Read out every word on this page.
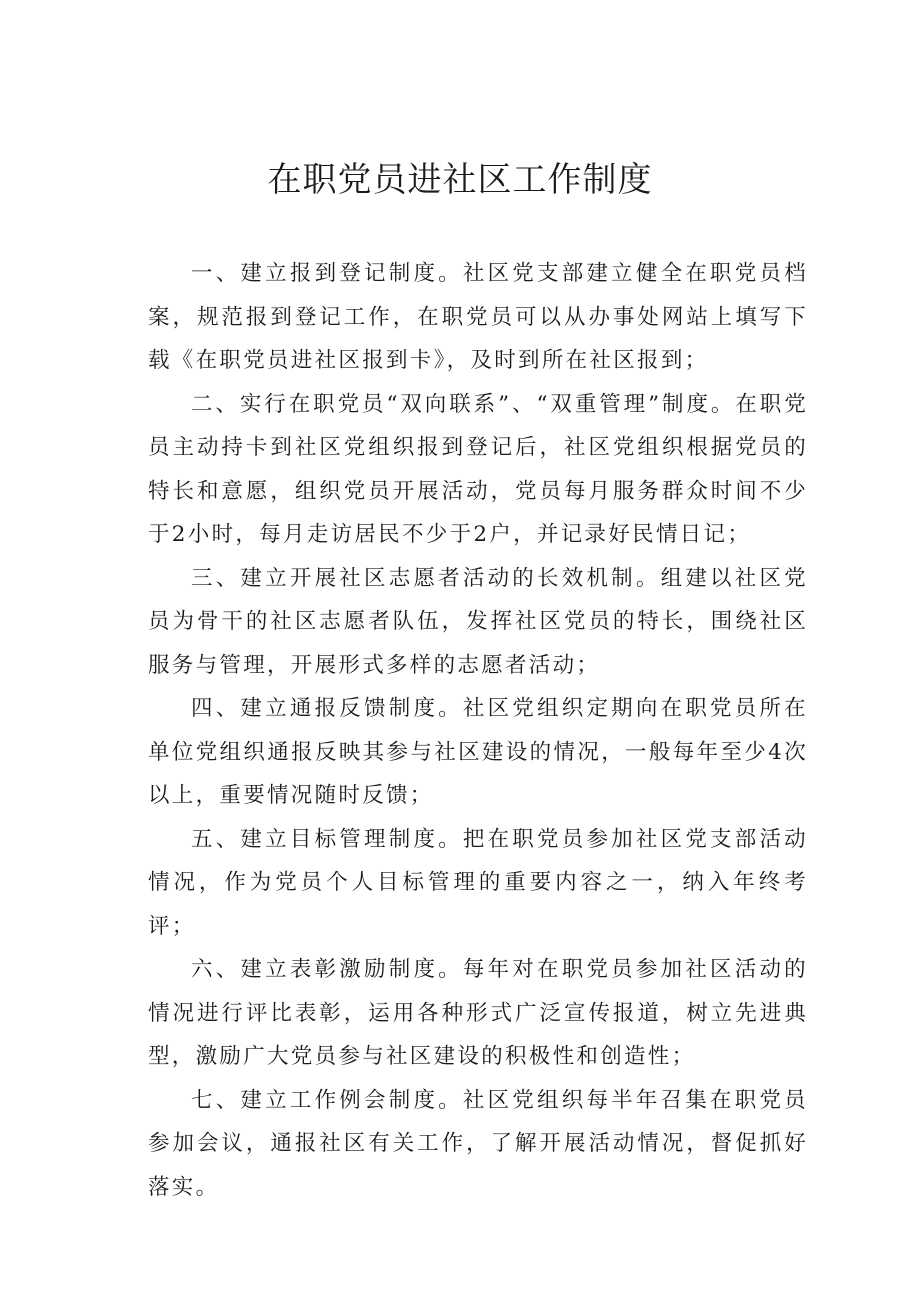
在职党员进社区工作制度

一、建立报到登记制度。社区党支部建立健全在职党员档案，规范报到登记工作，在职党员可以从办事处网站上填写下载《在职党员进社区报到卡》，及时到所在社区报到；

二、实行在职党员“双向联系”、“双重管理”制度。在职党员主动持卡到社区党组织报到登记后，社区党组织根据党员的特长和意愿，组织党员开展活动，党员每月服务群众时间不少于2小时，每月走访居民不少于2户，并记录好民情日记；

三、建立开展社区志愿者活动的长效机制。组建以社区党员为骨干的社区志愿者队伍，发挥社区党员的特长，围绕社区服务与管理，开展形式多样的志愿者活动；

四、建立通报反馈制度。社区党组织定期向在职党员所在单位党组织通报反映其参与社区建设的情况，一般每年至少4次以上，重要情况随时反馈；

五、建立目标管理制度。把在职党员参加社区党支部活动情况，作为党员个人目标管理的重要内容之一，纳入年终考评；

六、建立表彰激励制度。每年对在职党员参加社区活动的情况进行评比表彰，运用各种形式广泛宣传报道，树立先进典型，激励广大党员参与社区建设的积极性和创造性；

七、建立工作例会制度。社区党组织每半年召集在职党员参加会议，通报社区有关工作，了解开展活动情况，督促抓好落实。
